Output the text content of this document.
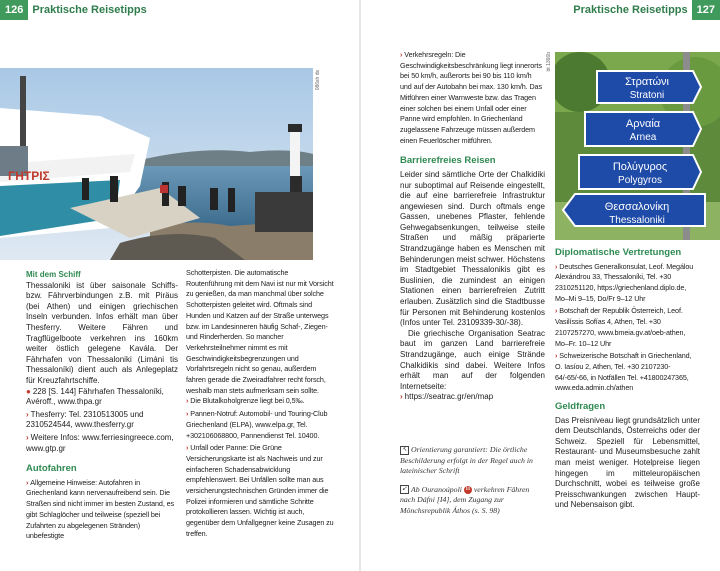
126 Praktische Reisetipps	Praktische Reisetipps 127
ΓΗΤΡΙΣ
086sh ds
Mit dem Schiff
Thessaloniki ist über saisonale Schiffs- bzw. Fährverbindungen z.B. mit Piräus (bei Athen) und einigen griechischen Inseln verbunden. Infos erhält man über Thesferry. Weitere Fähren und Tragflügelboote verkehren ins 160km weiter östlich gelegene Kavála. Der Fährhafen von Thessaloniki (Limáni tis Thessaloníki) dient auch als Anlegeplatz für Kreuzfahrtschiffe.
● 228 [S. 144] Fährhafen Thessaloníki, Avéroff., www.thpa.gr
› Thesferry: Tel. 2310513005 und 2310524544, www.thesferry.gr
› Weitere Infos: www.ferriesingreece.com, www.gtp.gr
Autofahren
› Allgemeine Hinweise: Autofahren in Griechenland kann nervenaufreibend sein. Die Straßen sind nicht immer im besten Zustand, es gibt Schlaglöcher und teilweise (speziell bei Zufahrten zu abgelegenen Stränden) unbefestigte
Schotterpisten. Die automatische Routenführung mit dem Navi ist nur mit Vorsicht zu genießen, da man manchmal über solche Schotterpisten geleitet wird. Oftmals sind Hunden und Katzen auf der Straße unterwegs bzw. im Landesinneren häufig Schaf-, Ziegen- und Rinderherden. So mancher Verkehrsteilnehmer nimmt es mit Geschwindigkeitsbegrenzungen und Vorfahrtsregeln nicht so genau, außerdem fahren gerade die Zweiradfahrer recht forsch, weshalb man stets aufmerksam sein sollte.
› Die Blutalkoholgrenze liegt bei 0,5‰.
› Pannen-Notruf: Automobil- und Touring-Club Griechenland (ELPA), www.elpa.gr, Tel. +302106068800, Pannendienst Tel. 10400.
› Unfall oder Panne: Die Grüne Versicherungskarte ist als Nachweis und zur einfacheren Schadensabwicklung empfehlenswert. Bei Unfällen sollte man aus versicherungstechnischen Gründen immer die Polizei informieren und sämtliche Schritte protokollieren lassen. Wichtig ist auch, gegenüber dem Unfallgegner keine Zusagen zu treffen.
› Verkehrsregeln: Die Geschwindigkeitsbeschränkung liegt innerorts bei 50 km/h, außerorts bei 90 bis 110 km/h und auf der Autobahn bei max. 130 km/h. Das Mitführen einer Warnweste bzw. das Tragen einer solchen bei einem Unfall oder einer Panne wird empfohlen. In Griechenland zugelassene Fahrzeuge müssen außerdem einen Feuerlöscher mitführen.
Barrierefreies Reisen
Leider sind sämtliche Orte der Chalkidiki nur suboptimal auf Reisende eingestellt, die auf eine barrierefreie Infrastruktur angewiesen sind. Durch oftmals enge Gassen, unebenes Pflaster, fehlende Gehwegabsenkungen, teilweise steile Straßen und mäßig präparierte Strandzugänge haben es Menschen mit Behinderungen meist schwer. Höchstens im Stadtgebiet Thessalonikis gibt es Buslinien, die zumindest an einigen Stationen einen barrierefreien Zutritt erlauben. Zusätzlich sind die Stadtbusse für Personen mit Behinderung kostenlos (Infos unter Tel. 23109339-30/-38).
Die griechische Organisation Seatrac baut im ganzen Land barrierefreie Strandzugänge, auch einige Strände Chalkidikis sind dabei. Weitere Infos erhält man auf der folgenden Internetseite:
› https://seatrac.gr/en/map
↖ Orientierung garantiert: Die örtliche Beschilderung erfolgt in der Regel auch in lateinischer Schrift
↙ Ab Ouranoúpoli 11 verkehren Fähren nach Dáfni [I4], dem Zugang zur Mönchsrepublik Áthos (s. S. 98)
bt 1366b
Στρατώνι
Stratoni
Αρναία
Arnea
Πολύγυρος
Polygyros
Θεσσαλονίκη
Thessaloniki
Diplomatische Vertretungen
› Deutsches Generalkonsulat, Leof. Megálou Alexándrou 33, Thessaloníki, Tel. +30 2310251120, https://griechenland.diplo.de, Mo–Mi 9–15, Do/Fr 9–12 Uhr
› Botschaft der Republik Österreich, Leof. Vasilíssis Sofías 4, Athen, Tel. +30 2107257270, www.bmeia.gv.at/oeb-athen, Mo–Fr. 10–12 Uhr
› Schweizerische Botschaft in Griechenland, O. Iasíou 2, Athen, Tel. +30 2107230-64/-65/-66, in Notfällen Tel. +41800247365, www.eda.admin.ch/athen
Geldfragen
Das Preisniveau liegt grundsätzlich unter dem Deutschlands, Österreichs oder der Schweiz. Speziell für Lebensmittel, Restaurant- und Museumsbesuche zahlt man meist weniger. Hotelpreise liegen hingegen im mitteleuropäischen Durchschnitt, wobei es teilweise große Preisschwankungen zwischen Haupt- und Nebensaison gibt.
